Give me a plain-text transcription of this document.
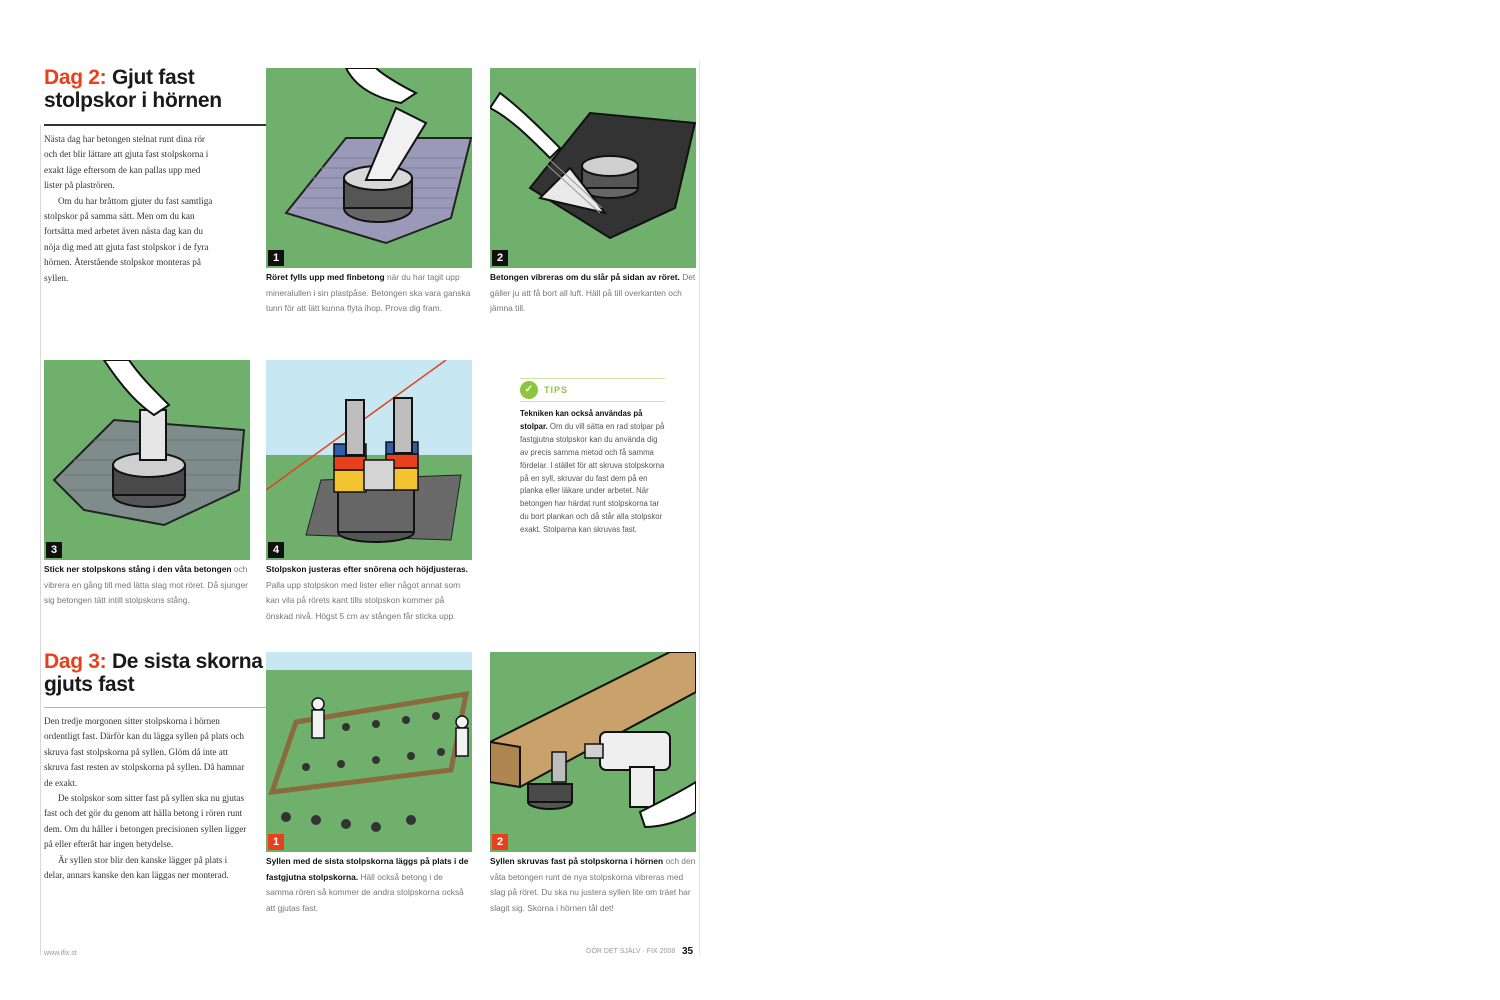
Dag 2: Gjut fast stolpskor i hörnen

Nästa dag har betongen stelnat runt dina rör och det blir lättare att gjuta fast stolpskorna i exakt läge eftersom de kan pallas upp med lister på plaströren.

Om du har bråttom gjuter du fast samtliga stolpskor på samma sätt. Men om du kan fortsätta med arbetet även nästa dag kan du nöja dig med att gjuta fast stolpskor i de fyra hörnen. Återstående stolpskor monteras på syllen.

1
Röret fylls upp med finbetong när du har tagit upp mineralullen i sin plastpåse. Betongen ska vara ganska tunn för att lätt kunna flyta ihop. Prova dig fram.
2
Betongen vibreras om du slår på sidan av röret. Det gäller ju att få bort all luft. Häll på till overkanten och jämna till.
3
Stick ner stolpskons stång i den våta betongen och vibrera en gång till med lätta slag mot röret. Då sjunger sig betongen tätt intill stolpskons stång.
4
Stolpskon justeras efter snörena och höjdjusteras. Palla upp stolpskon med lister eller något annat som kan vila på rörets kant tills stolpskon kommer på önskad nivå. Högst 5 cm av stången får sticka upp.
✓	TIPS
Tekniken kan också användas på stolpar. Om du vill sätta en rad stolpar på fastgjutna stolpskor kan du använda dig av precis samma metod och få samma fördelar. I stället för att skruva stolpskorna på en syll, skruvar du fast dem på en planka eller läkare under arbetet. När betongen har härdat runt stolpskorna tar du bort plankan och då står alla stolpskor exakt. Stolparna kan skruvas fast.
Dag 3: De sista skorna gjuts fast

Den tredje morgonen sitter stolpskorna i hörnen ordentligt fast. Därför kan du lägga syllen på plats och skruva fast stolpskorna på syllen. Glöm då inte att skruva fast resten av stolpskorna på syllen. Då hamnar de exakt.

De stolpskor som sitter fast på syllen ska nu gjutas fast och det gör du genom att hälla betong i rören runt dem. Om du håller i betongen precisionen syllen ligger på eller efteråt har ingen betydelse.

Är syllen stor blir den kanske lägger på plats i delar, annars kanske den kan läggas ner monterad.

1
Syllen med de sista stolpskorna läggs på plats i de fastgjutna stolpskorna. Häll också betong i de samma rören så kommer de andra stolpskorna också att gjutas fast.
2
Syllen skruvas fast på stolpskorna i hörnen och den våta betongen runt de nya stolpskorna vibreras med slag på röret. Du ska nu justera syllen lite om träet har slagit sig. Skorna i hörnen tål det!
www.ifix.st	GÖR DET SJÄLV · FIX 2008 35
